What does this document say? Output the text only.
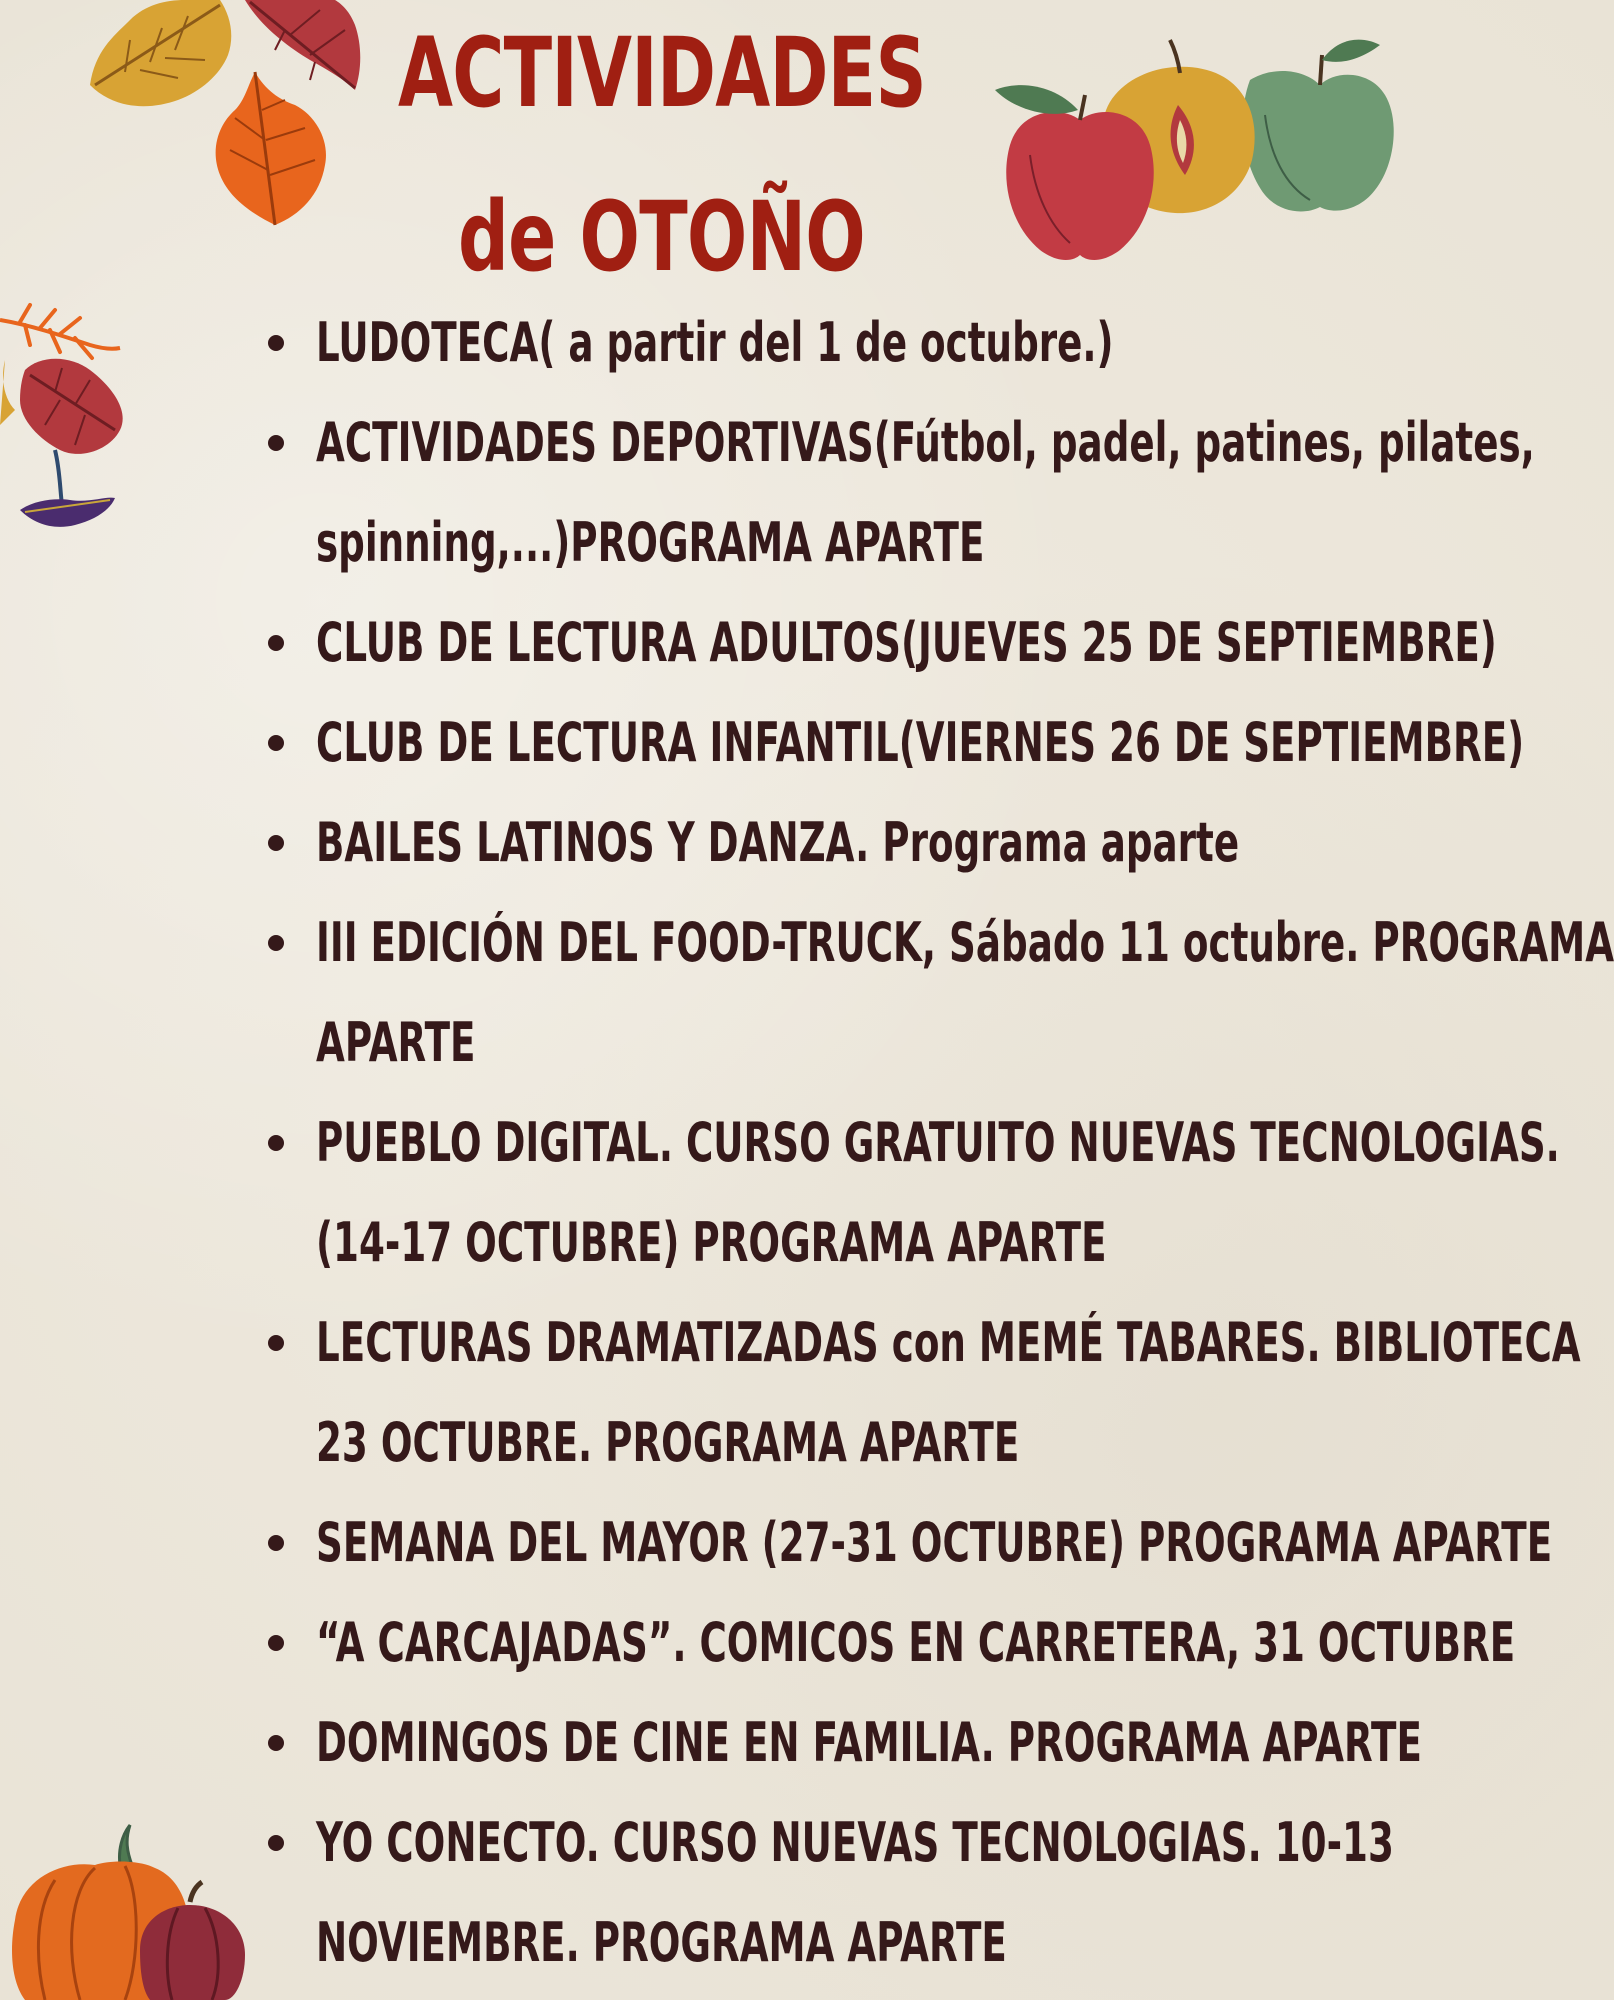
ACTIVIDADES
de OTOÑO
LUDOTECA( a partir del 1 de octubre.)
ACTIVIDADES DEPORTIVAS(Fútbol, padel, patines, pilates,
spinning,...)PROGRAMA APARTE
CLUB DE LECTURA ADULTOS(JUEVES 25 DE SEPTIEMBRE)
CLUB DE LECTURA INFANTIL(VIERNES 26 DE SEPTIEMBRE)
BAILES LATINOS Y DANZA. Programa aparte
III EDICIÓN DEL FOOD-TRUCK, Sábado 11 octubre. PROGRAMA
APARTE
PUEBLO DIGITAL. CURSO GRATUITO NUEVAS TECNOLOGIAS.
(14-17 OCTUBRE) PROGRAMA APARTE
LECTURAS DRAMATIZADAS con MEMÉ TABARES. BIBLIOTECA
23 OCTUBRE. PROGRAMA APARTE
SEMANA DEL MAYOR (27-31 OCTUBRE) PROGRAMA APARTE
“A CARCAJADAS”. COMICOS EN CARRETERA, 31 OCTUBRE
DOMINGOS DE CINE EN FAMILIA. PROGRAMA APARTE
YO CONECTO. CURSO NUEVAS TECNOLOGIAS. 10-13
NOVIEMBRE. PROGRAMA APARTE
